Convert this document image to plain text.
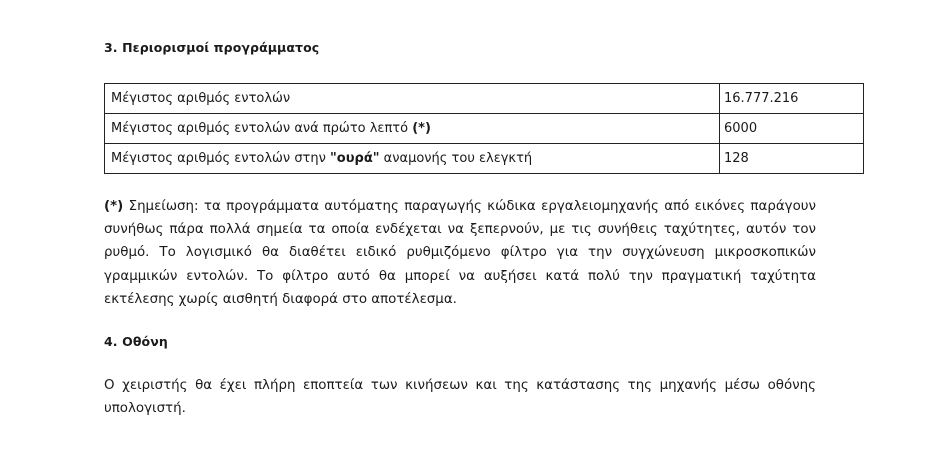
3. Περιορισμοί προγράμματος
Μέγιστος αριθμός εντολών	16.777.216
Μέγιστος αριθμός εντολών ανά πρώτο λεπτό (*)	6000
Μέγιστος αριθμός εντολών στην "ουρά" αναμονής του ελεγκτή	128

(*) Σημείωση: τα προγράμματα αυτόματης παραγωγής κώδικα εργαλειομηχανής από εικόνες παράγουν συνήθως πάρα πολλά σημεία τα οποία ενδέχεται να ξεπερνούν, με τις συνήθεις ταχύτητες, αυτόν τον ρυθμό. Το λογισμικό θα διαθέτει ειδικό ρυθμιζόμενο φίλτρο για την συγχώνευση μικροσκοπικών γραμμικών εντολών. Το φίλτρο αυτό θα μπορεί να αυξήσει κατά πολύ την πραγματική ταχύτητα εκτέλεσης χωρίς αισθητή διαφορά στο αποτέλεσμα.

4. Οθόνη

Ο χειριστής θα έχει πλήρη εποπτεία των κινήσεων και της κατάστασης της μηχανής μέσω οθόνης υπολογιστή.
